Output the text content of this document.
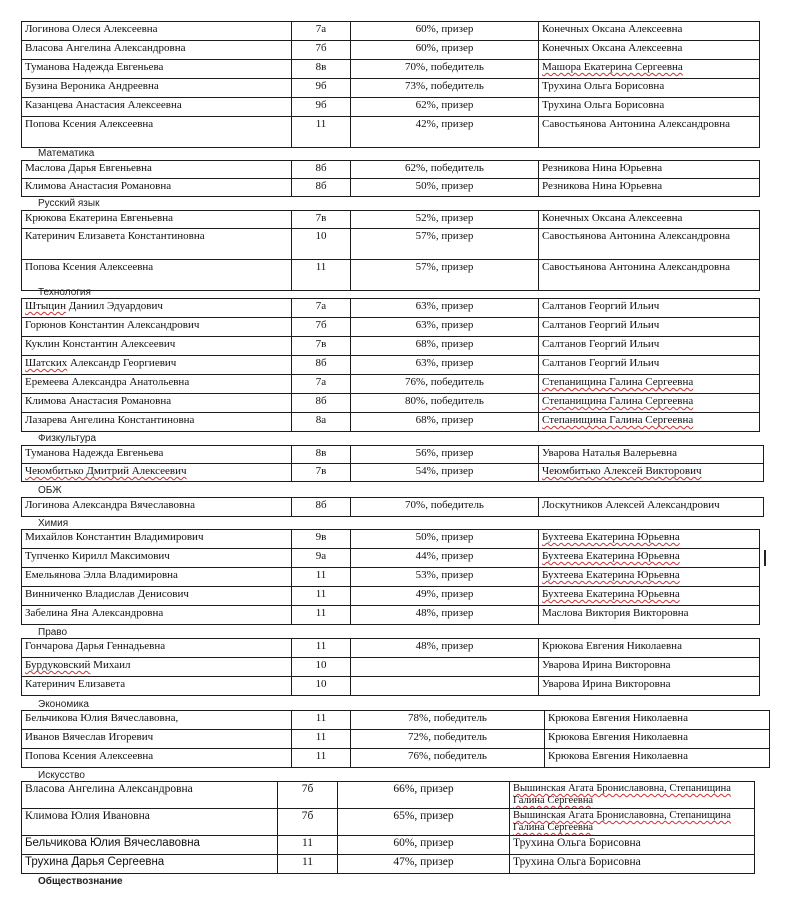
Логинова Олеся Алексеевна	7а	60%, призер	Конечных Оксана Алексеевна
Власова Ангелина Александровна	7б	60%, призер	Конечных Оксана Алексеевна
Туманова Надежда Евгеньева	8в	70%, победитель	Машора Екатерина Сергеевна
Бузина Вероника Андреевна	9б	73%, победитель	Трухина Ольга Борисовна
Казанцева Анастасия Алексеевна	9б	62%, призер	Трухина Ольга Борисовна
Попова Ксения Алексеевна	11	42%, призер	Савостьянова Антонина Александровна
Математика
Маслова Дарья Евгеньевна	8б	62%, победитель	Резникова Нина Юрьевна
Климова Анастасия Романовна	8б	50%, призер	Резникова Нина Юрьевна
Русский язык
Крюкова Екатерина Евгеньевна	7в	52%, призер	Конечных Оксана Алексеевна
Катеринич Елизавета Константиновна	10	57%, призер	Савостьянова Антонина Александровна
Попова Ксения Алексеевна	11	57%, призер	Савостьянова Антонина Александровна
Технология
Штыцин Даниил Эдуардович	7а	63%, призер	Салтанов Георгий Ильич
Горюнов Константин Александрович	7б	63%, призер	Салтанов Георгий Ильич
Куклин Константин Алексеевич	7в	68%, призер	Салтанов Георгий Ильич
Шатских Александр Георгиевич	8б	63%, призер	Салтанов Георгий Ильич
Еремеева Александра Анатольевна	7а	76%, победитель	Степанищина Галина Сергеевна
Климова Анастасия Романовна	8б	80%, победитель	Степанищина Галина Сергеевна
Лазарева Ангелина Константиновна	8а	68%, призер	Степанищина Галина Сергеевна
Физкультура
Туманова Надежда Евгеньева	8в	56%, призер	Уварова Наталья Валерьевна
Чеюмбитько Дмитрий Алексеевич	7в	54%, призер	Чеюмбитько Алексей Викторович
ОБЖ
Логинова Александра Вячеславовна	8б	70%, победитель	Лоскутников Алексей Александрович
Химия
Михайлов Константин Владимирович	9в	50%, призер	Бухтеева Екатерина Юрьевна
Тупченко Кирилл Максимович	9а	44%, призер	Бухтеева Екатерина Юрьевна
Емельянова Элла Владимировна	11	53%, призер	Бухтеева Екатерина Юрьевна
Винниченко Владислав Денисович	11	49%, призер	Бухтеева Екатерина Юрьевна
Забелина Яна Александровна	11	48%, призер	Маслова Виктория Викторовна
Право
Гончарова Дарья Геннадьевна	11	48%, призер	Крюкова Евгения Николаевна
Бурдуковский Михаил	10		Уварова Ирина Викторовна
Катеринич Елизавета	10		Уварова Ирина Викторовна
Экономика
Бельчикова Юлия Вячеславовна,	11	78%, победитель	Крюкова Евгения Николаевна
Иванов Вячеслав Игоревич	11	72%, победитель	Крюкова Евгения Николаевна
Попова Ксения Алексеевна	11	76%, победитель	Крюкова Евгения Николаевна
Искусство
Власова Ангелина Александровна	7б	66%, призер	Вышинская Агата Брониславовна, Степанищина Галина Сергеевна
Климова Юлия Ивановна	7б	65%, призер	Вышинская Агата Брониславовна, Степанищина Галина Сергеевна
Бельчикова Юлия Вячеславовна	11	60%, призер	Трухина Ольга Борисовна
Трухина Дарья Сергеевна	11	47%, призер	Трухина Ольга Борисовна
Обществознание
